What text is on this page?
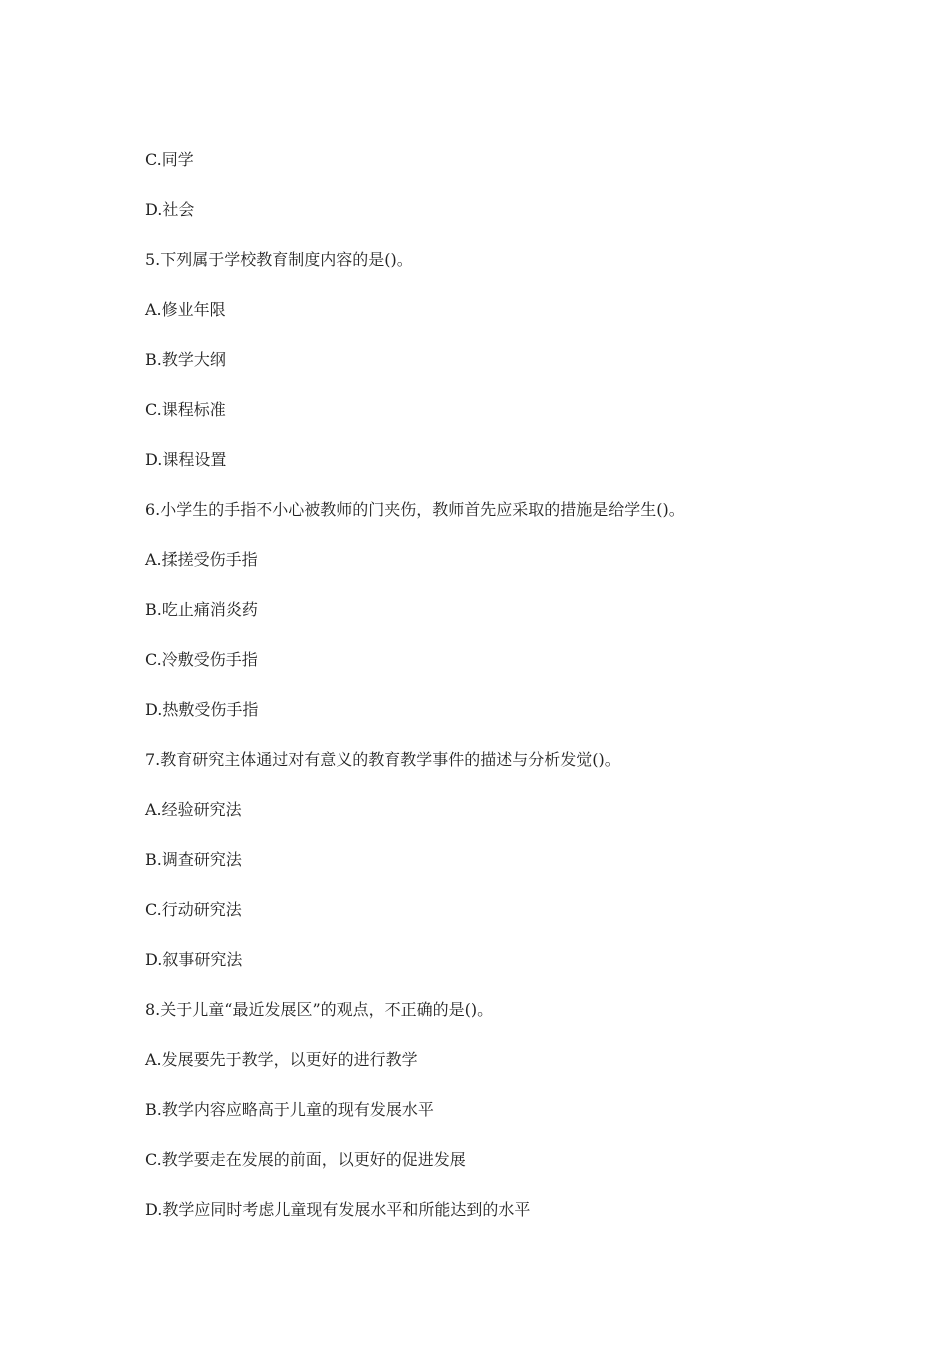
C.同学
D.社会
5.下列属于学校教育制度内容的是()。
A.修业年限
B.教学大纲
C.课程标准
D.课程设置
6.小学生的手指不小心被教师的门夹伤，教师首先应采取的措施是给学生()。
A.揉搓受伤手指
B.吃止痛消炎药
C.冷敷受伤手指
D.热敷受伤手指
7.教育研究主体通过对有意义的教育教学事件的描述与分析发觉()。
A.经验研究法
B.调查研究法
C.行动研究法
D.叙事研究法
8.关于儿童“最近发展区”的观点，不正确的是()。
A.发展要先于教学，以更好的进行教学
B.教学内容应略高于儿童的现有发展水平
C.教学要走在发展的前面，以更好的促进发展
D.教学应同时考虑儿童现有发展水平和所能达到的水平
